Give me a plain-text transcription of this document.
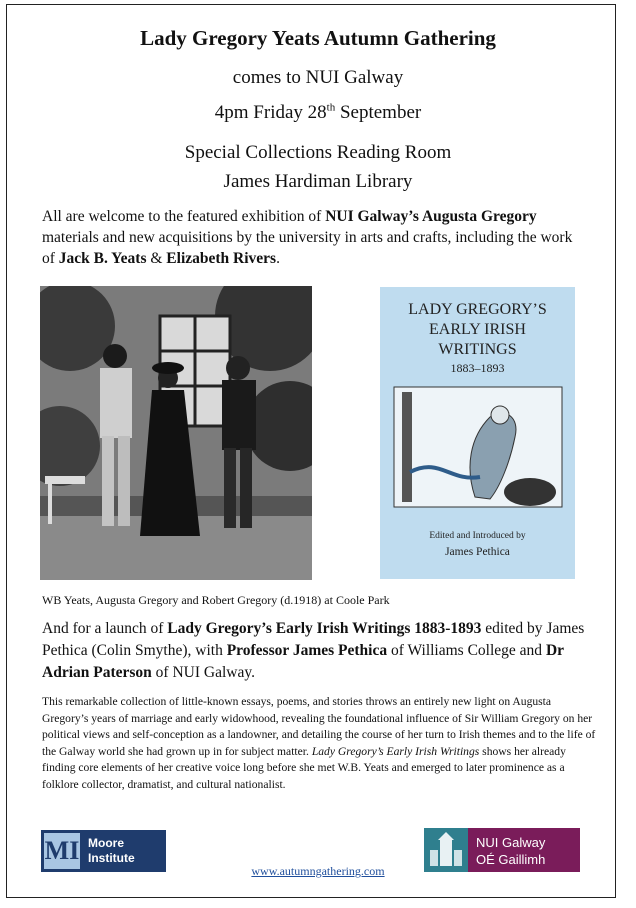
Lady Gregory Yeats Autumn Gathering
comes to NUI Galway
4pm Friday 28th September
Special Collections Reading Room
James Hardiman Library
All are welcome to the featured exhibition of NUI Galway’s Augusta Gregory materials and new acquisitions by the university in arts and crafts, including the work of Jack B. Yeats & Elizabeth Rivers.
LADY GREGORY’S
EARLY IRISH
WRITINGS
1883–1893
Edited and Introduced by
James Pethica
WB Yeats, Augusta Gregory and Robert Gregory (d.1918) at Coole Park
And for a launch of Lady Gregory’s Early Irish Writings 1883-1893 edited by James Pethica (Colin Smythe), with Professor James Pethica of Williams College and Dr Adrian Paterson of NUI Galway.
This remarkable collection of little-known essays, poems, and stories throws an entirely new light on Augusta Gregory’s years of marriage and early widowhood, revealing the foundational influence of Sir William Gregory on her political views and self-conception as a landowner, and detailing the course of her turn to Irish themes and to the life of the Galway world she had grown up in for subject matter. Lady Gregory’s Early Irish Writings shows her already finding core elements of her creative voice long before she met W.B. Yeats and emerged to later prominence as a folklore collector, dramatist, and cultural nationalist.
MI Moore
Institute
www.autumngathering.com
NUI Galway
OÉ Gaillimh
